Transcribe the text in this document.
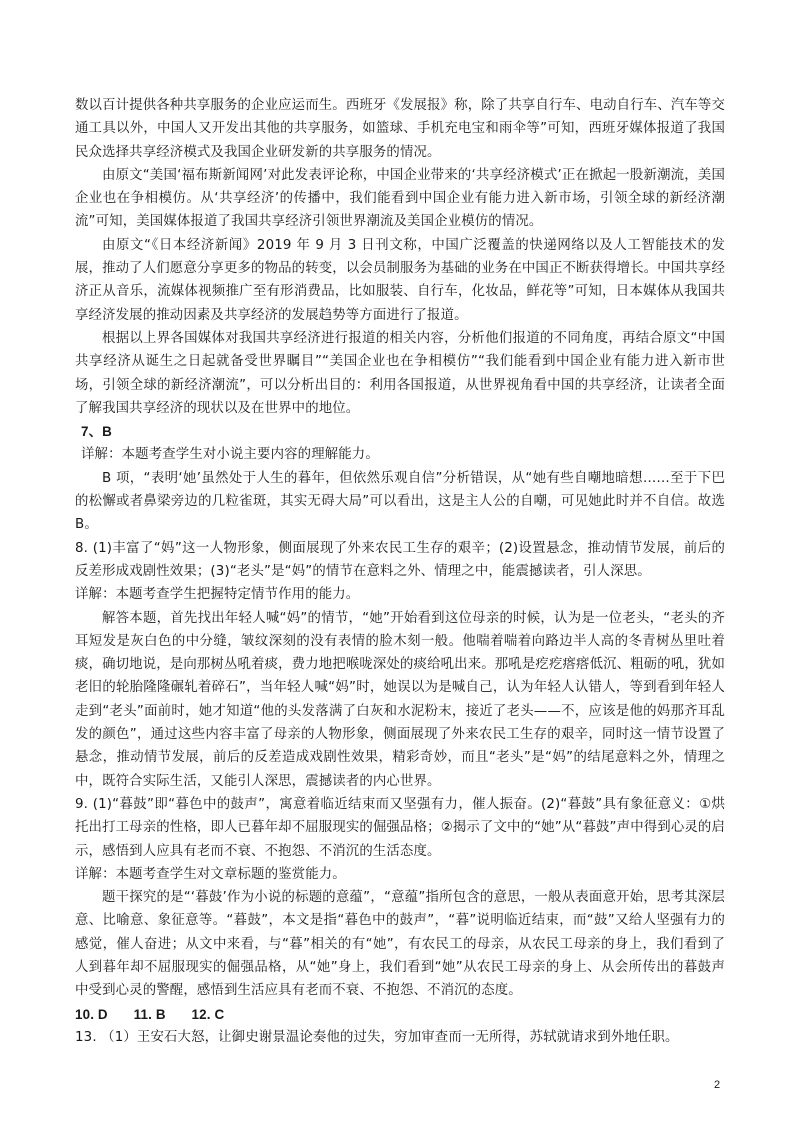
数以百计提供各种共享服务的企业应运而生。西班牙《发展报》称，除了共享自行车、电动自行车、汽车等交通工具以外，中国人又开发出其他的共享服务，如篮球、手机充电宝和雨伞等”可知，西班牙媒体报道了我国民众选择共享经济模式及我国企业研发新的共享服务的情况。

由原文“美国‘福布斯新闻网’对此发表评论称，中国企业带来的‘共享经济模式’正在掀起一股新潮流，美国企业也在争相模仿。从‘共享经济’的传播中，我们能看到中国企业有能力进入新市场，引领全球的新经济潮流”可知，美国媒体报道了我国共享经济引领世界潮流及美国企业模仿的情况。

由原文“《日本经济新闻》2019 年 9 月 3 日刊文称，中国广泛覆盖的快递网络以及人工智能技术的发展，推动了人们愿意分享更多的物品的转变，以会员制服务为基础的业务在中国正不断获得增长。中国共享经济正从音乐，流媒体视频推广至有形消费品，比如服装、自行车，化妆品，鲜花等”可知，日本媒体从我国共享经济发展的推动因素及共享经济的发展趋势等方面进行了报道。

根据以上界各国媒体对我国共享经济进行报道的相关内容，分析他们报道的不同角度，再结合原文“中国共享经济从诞生之日起就备受世界瞩目”“美国企业也在争相模仿”“我们能看到中国企业有能力进入新市世场，引领全球的新经济潮流”，可以分析出目的：利用各国报道，从世界视角看中国的共享经济，让读者全面了解我国共享经济的现状以及在世界中的地位。

7、B

详解：本题考查学生对小说主要内容的理解能力。

B 项，“表明‘她’虽然处于人生的暮年，但依然乐观自信”分析错误，从“她有些自嘲地暗想……至于下巴的松懈或者鼻梁旁边的几粒雀斑，其实无碍大局”可以看出，这是主人公的自嘲，可见她此时并不自信。故选 B。

8. (1)丰富了“妈”这一人物形象，侧面展现了外来农民工生存的艰辛；(2)设置悬念，推动情节发展，前后的反差形成戏剧性效果；(3)“老头”是“妈”的情节在意料之外、情理之中，能震撼读者，引人深思。

详解：本题考查学生把握特定情节作用的能力。

解答本题，首先找出年轻人喊“妈”的情节，“她”开始看到这位母亲的时候，认为是一位老头，“老头的齐耳短发是灰白色的中分缝，皱纹深刻的没有表情的脸木刻一般。他喘着喘着向路边半人高的冬青树丛里吐着痰，确切地说，是向那树丛吼着痰，费力地把喉咙深处的痰给吼出来。那吼是疙疙瘩瘩低沉、粗砺的吼，犹如老旧的轮胎隆隆碾轧着碎石”，当年轻人喊“妈”时，她误以为是喊自己，认为年轻人认错人，等到看到年轻人走到“老头”面前时，她才知道“他的头发落满了白灰和水泥粉末，接近了老头——不，应该是他的妈那齐耳乱发的颜色”，通过这些内容丰富了母亲的人物形象，侧面展现了外来农民工生存的艰辛，同时这一情节设置了悬念，推动情节发展，前后的反差造成戏剧性效果，精彩奇妙，而且“老头”是“妈”的结尾意料之外，情理之中，既符合实际生活，又能引人深思，震撼读者的内心世界。

9. (1)“暮鼓”即“暮色中的鼓声”，寓意着临近结束而又坚强有力，催人振奋。(2)“暮鼓”具有象征意义：①烘托出打工母亲的性格，即人已暮年却不屈服现实的倔强品格；②揭示了文中的“她”从“暮鼓”声中得到心灵的启示，感悟到人应具有老而不衰、不抱怨、不消沉的生活态度。

详解：本题考查学生对文章标题的鉴赏能力。

题干探究的是“‘暮鼓’作为小说的标题的意蕴”，“意蕴”指所包含的意思，一般从表面意开始，思考其深层意、比喻意、象征意等。“暮鼓”，本文是指“暮色中的鼓声”，“暮”说明临近结束，而“鼓”又给人坚强有力的感觉，催人奋进；从文中来看，与“暮”相关的有“她”，有农民工的母亲，从农民工母亲的身上，我们看到了人到暮年却不屈服现实的倔强品格，从“她”身上，我们看到“她”从农民工母亲的身上、从会所传出的暮鼓声中受到心灵的警醒，感悟到生活应具有老而不衰、不抱怨、不消沉的态度。

10. D 11. B 12. C

13. （1）王安石大怒，让御史谢景温论奏他的过失，穷加审查而一无所得，苏轼就请求到外地任职。

2
